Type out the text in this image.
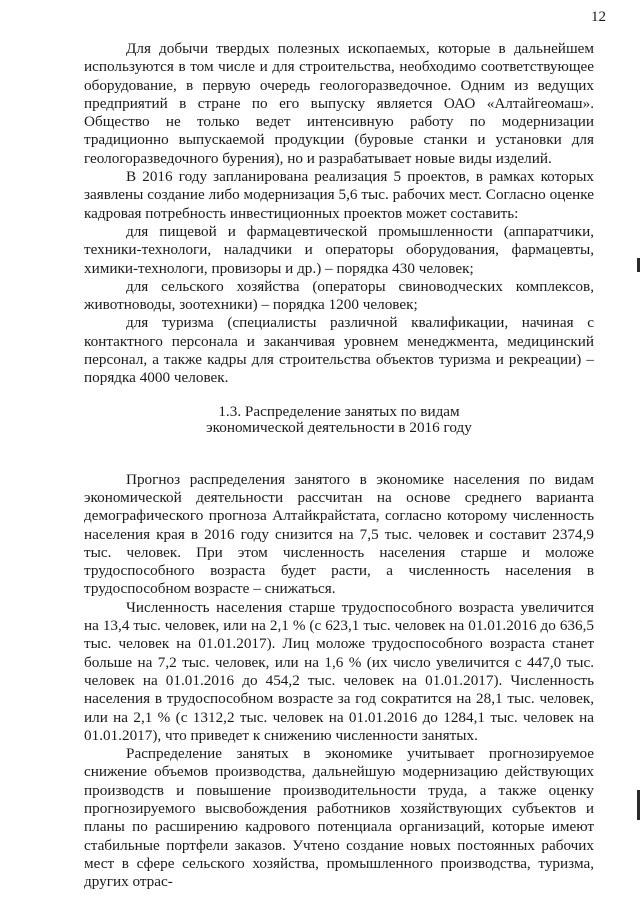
12

Для добычи твердых полезных ископаемых, которые в дальнейшем используются в том числе и для строительства, необходимо соответствующее оборудование, в первую очередь геологоразведочное. Одним из ведущих предприятий в стране по его выпуску является ОАО «Алтайгеомаш». Общество не только ведет интенсивную работу по модернизации традиционно выпускаемой продукции (буровые станки и установки для геологоразведочного бурения), но и разрабатывает новые виды изделий.

В 2016 году запланирована реализация 5 проектов, в рамках которых заявлены создание либо модернизация 5,6 тыс. рабочих мест. Согласно оценке кадровая потребность инвестиционных проектов может составить:

для пищевой и фармацевтической промышленности (аппаратчики, техники-технологи, наладчики и операторы оборудования, фармацевты, химики-технологи, провизоры и др.) – порядка 430 человек;

для сельского хозяйства (операторы свиноводческих комплексов, животноводы, зоотехники) – порядка 1200 человек;

для туризма (специалисты различной квалификации, начиная с контактного персонала и заканчивая уровнем менеджмента, медицинский персонал, а также кадры для строительства объектов туризма и рекреации) – порядка 4000 человек.

1.3. Распределение занятых по видам
экономической деятельности в 2016 году

Прогноз распределения занятого в экономике населения по видам экономической деятельности рассчитан на основе среднего варианта демографического прогноза Алтайкрайстата, согласно которому численность населения края в 2016 году снизится на 7,5 тыс. человек и составит 2374,9 тыс. человек. При этом численность населения старше и моложе трудоспособного возраста будет расти, а численность населения в трудоспособном возрасте – снижаться.

Численность населения старше трудоспособного возраста увеличится на 13,4 тыс. человек, или на 2,1 % (с 623,1 тыс. человек на 01.01.2016 до 636,5 тыс. человек на 01.01.2017). Лиц моложе трудоспособного возраста станет больше на 7,2 тыс. человек, или на 1,6 % (их число увеличится с 447,0 тыс. человек на 01.01.2016 до 454,2 тыс. человек на 01.01.2017). Численность населения в трудоспособном возрасте за год сократится на 28,1 тыс. человек, или на 2,1 % (с 1312,2 тыс. человек на 01.01.2016 до 1284,1 тыс. человек на 01.01.2017), что приведет к снижению численности занятых.

Распределение занятых в экономике учитывает прогнозируемое снижение объемов производства, дальнейшую модернизацию действующих производств и повышение производительности труда, а также оценку прогнозируемого высвобождения работников хозяйствующих субъектов и планы по расширению кадрового потенциала организаций, которые имеют стабильные портфели заказов. Учтено создание новых постоянных рабочих мест в сфере сельского хозяйства, промышленного производства, туризма, других отрас-
